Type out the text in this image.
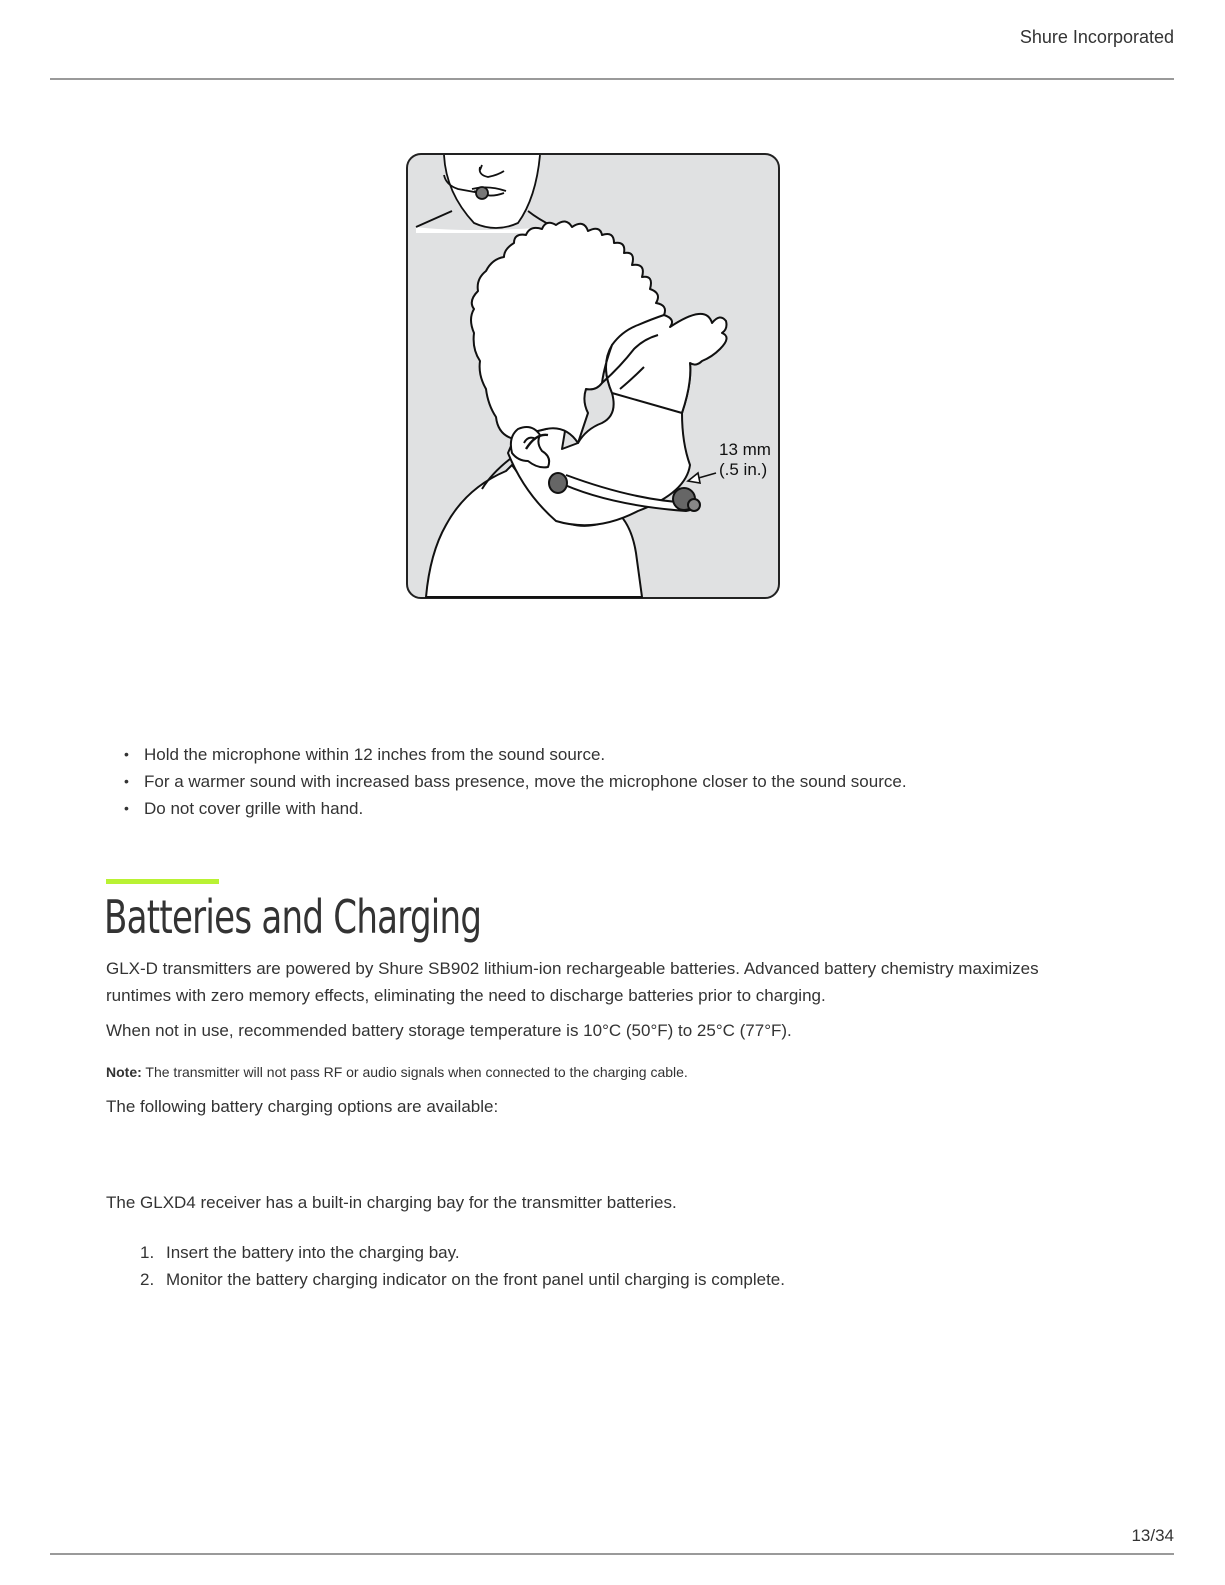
Shure Incorporated
13 mm
(.5 in.)
• Hold the microphone within 12 inches from the sound source.
• For a warmer sound with increased bass presence, move the microphone closer to the sound source.
• Do not cover grille with hand.
Batteries and Charging

GLX-D transmitters are powered by Shure SB902 lithium-ion rechargeable batteries. Advanced battery chemistry maximizes runtimes with zero memory effects, eliminating the need to discharge batteries prior to charging.

When not in use, recommended battery storage temperature is 10°C (50°F) to 25°C (77°F).

Note: The transmitter will not pass RF or audio signals when connected to the charging cable.

The following battery charging options are available:

The GLXD4 receiver has a built-in charging bay for the transmitter batteries.

1. Insert the battery into the charging bay.
2. Monitor the battery charging indicator on the front panel until charging is complete.
13/34
